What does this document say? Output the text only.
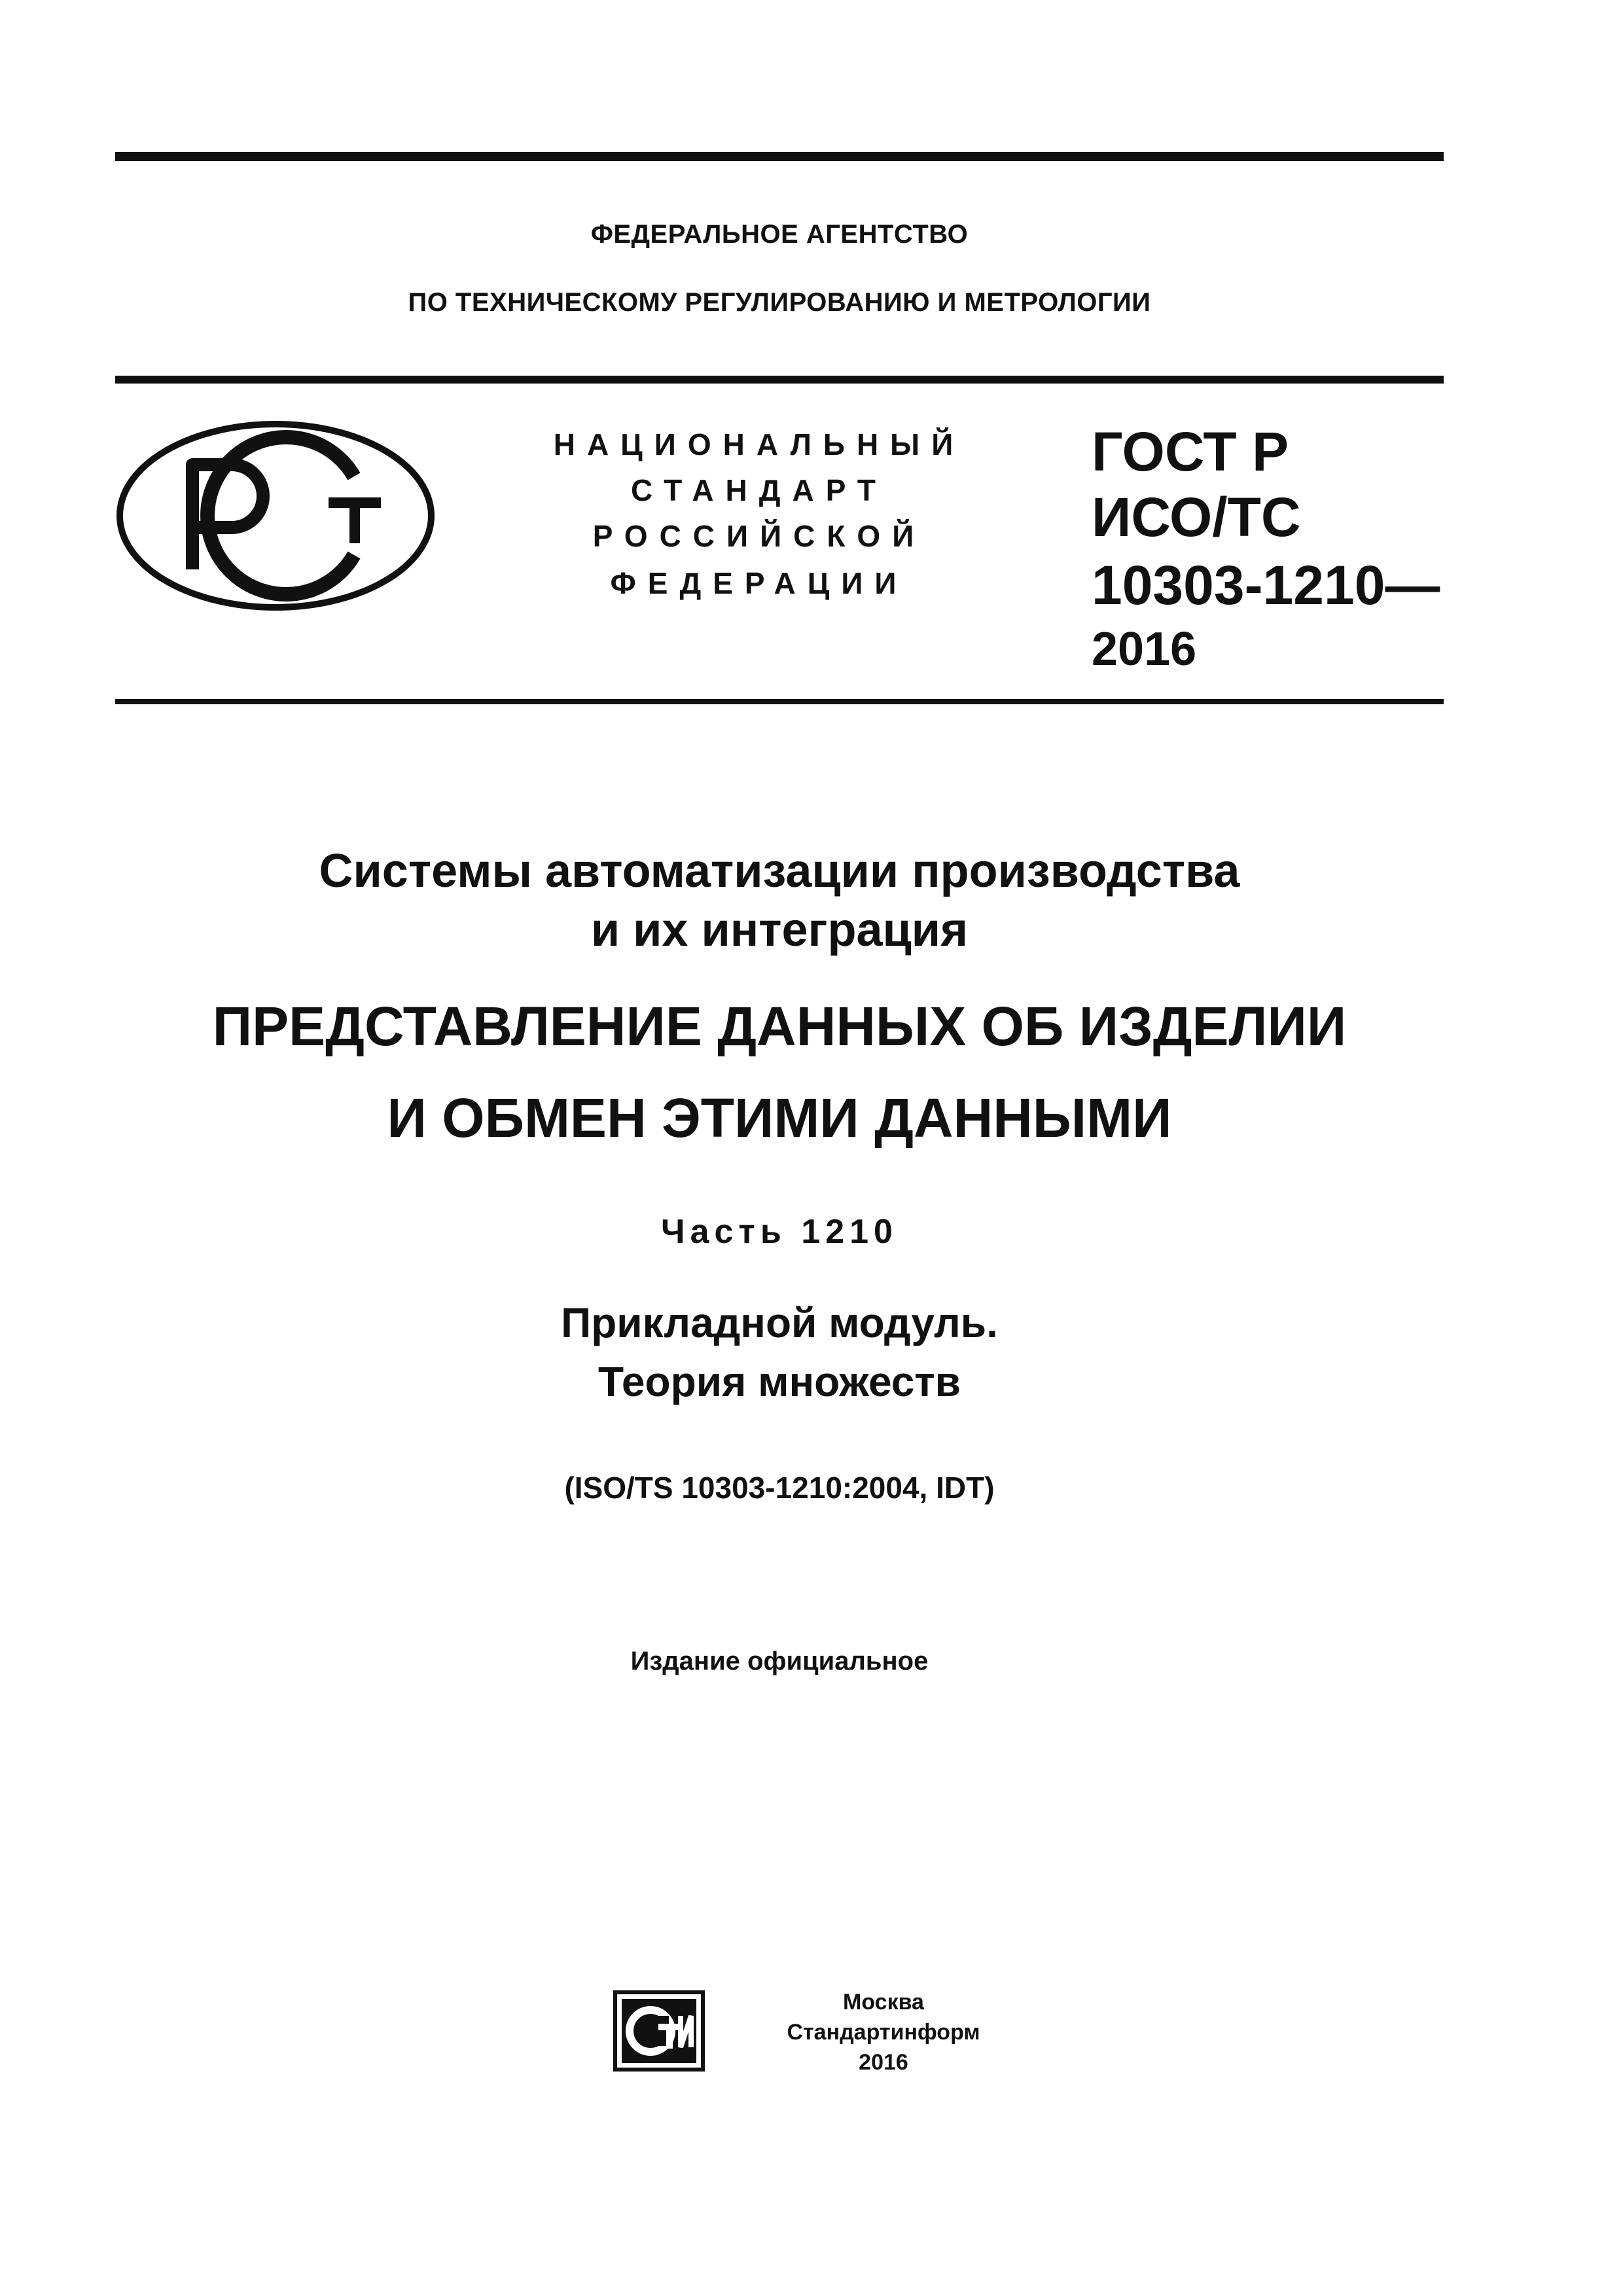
ФЕДЕРАЛЬНОЕ АГЕНТСТВО
ПО ТЕХНИЧЕСКОМУ РЕГУЛИРОВАНИЮ И МЕТРОЛОГИИ
НАЦИОНАЛЬНЫЙ
СТАНДАРТ
РОССИЙСКОЙ
ФЕДЕРАЦИИ
ГОСТ Р
ИСО/ТС
10303-1210—
2016
Системы автоматизации производства
и их интеграция
ПРЕДСТАВЛЕНИЕ ДАННЫХ ОБ ИЗДЕЛИИ
И ОБМЕН ЭТИМИ ДАННЫМИ
Часть 1210
Прикладной модуль.
Теория множеств
(ISO/TS 10303-1210:2004, IDT)
Издание официальное
Москва
Стандартинформ
2016
